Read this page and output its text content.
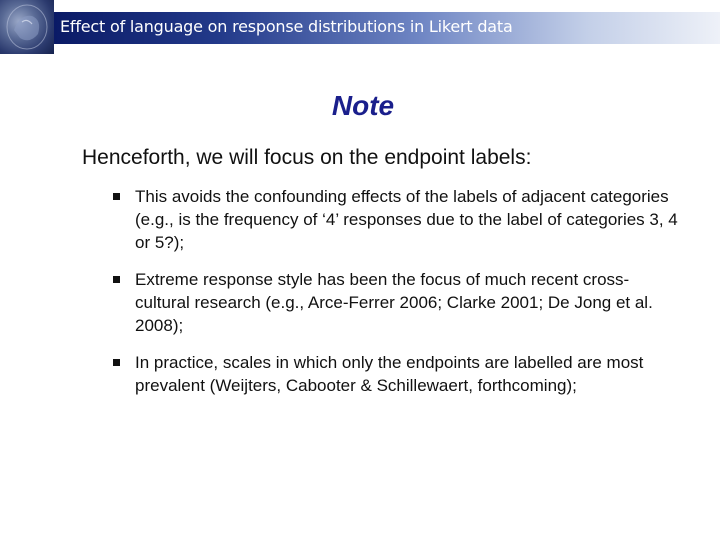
Effect of language on response distributions in Likert data
Note
Henceforth, we will focus on the endpoint labels:
This avoids the confounding effects of the labels of adjacent categories (e.g., is the frequency of ‘4’ responses due to the label of categories 3, 4 or 5?);
Extreme response style has been the focus of much recent cross-cultural research (e.g., Arce-Ferrer 2006; Clarke 2001; De Jong et al. 2008);
In practice, scales in which only the endpoints are labelled are most prevalent (Weijters, Cabooter & Schillewaert, forthcoming);
